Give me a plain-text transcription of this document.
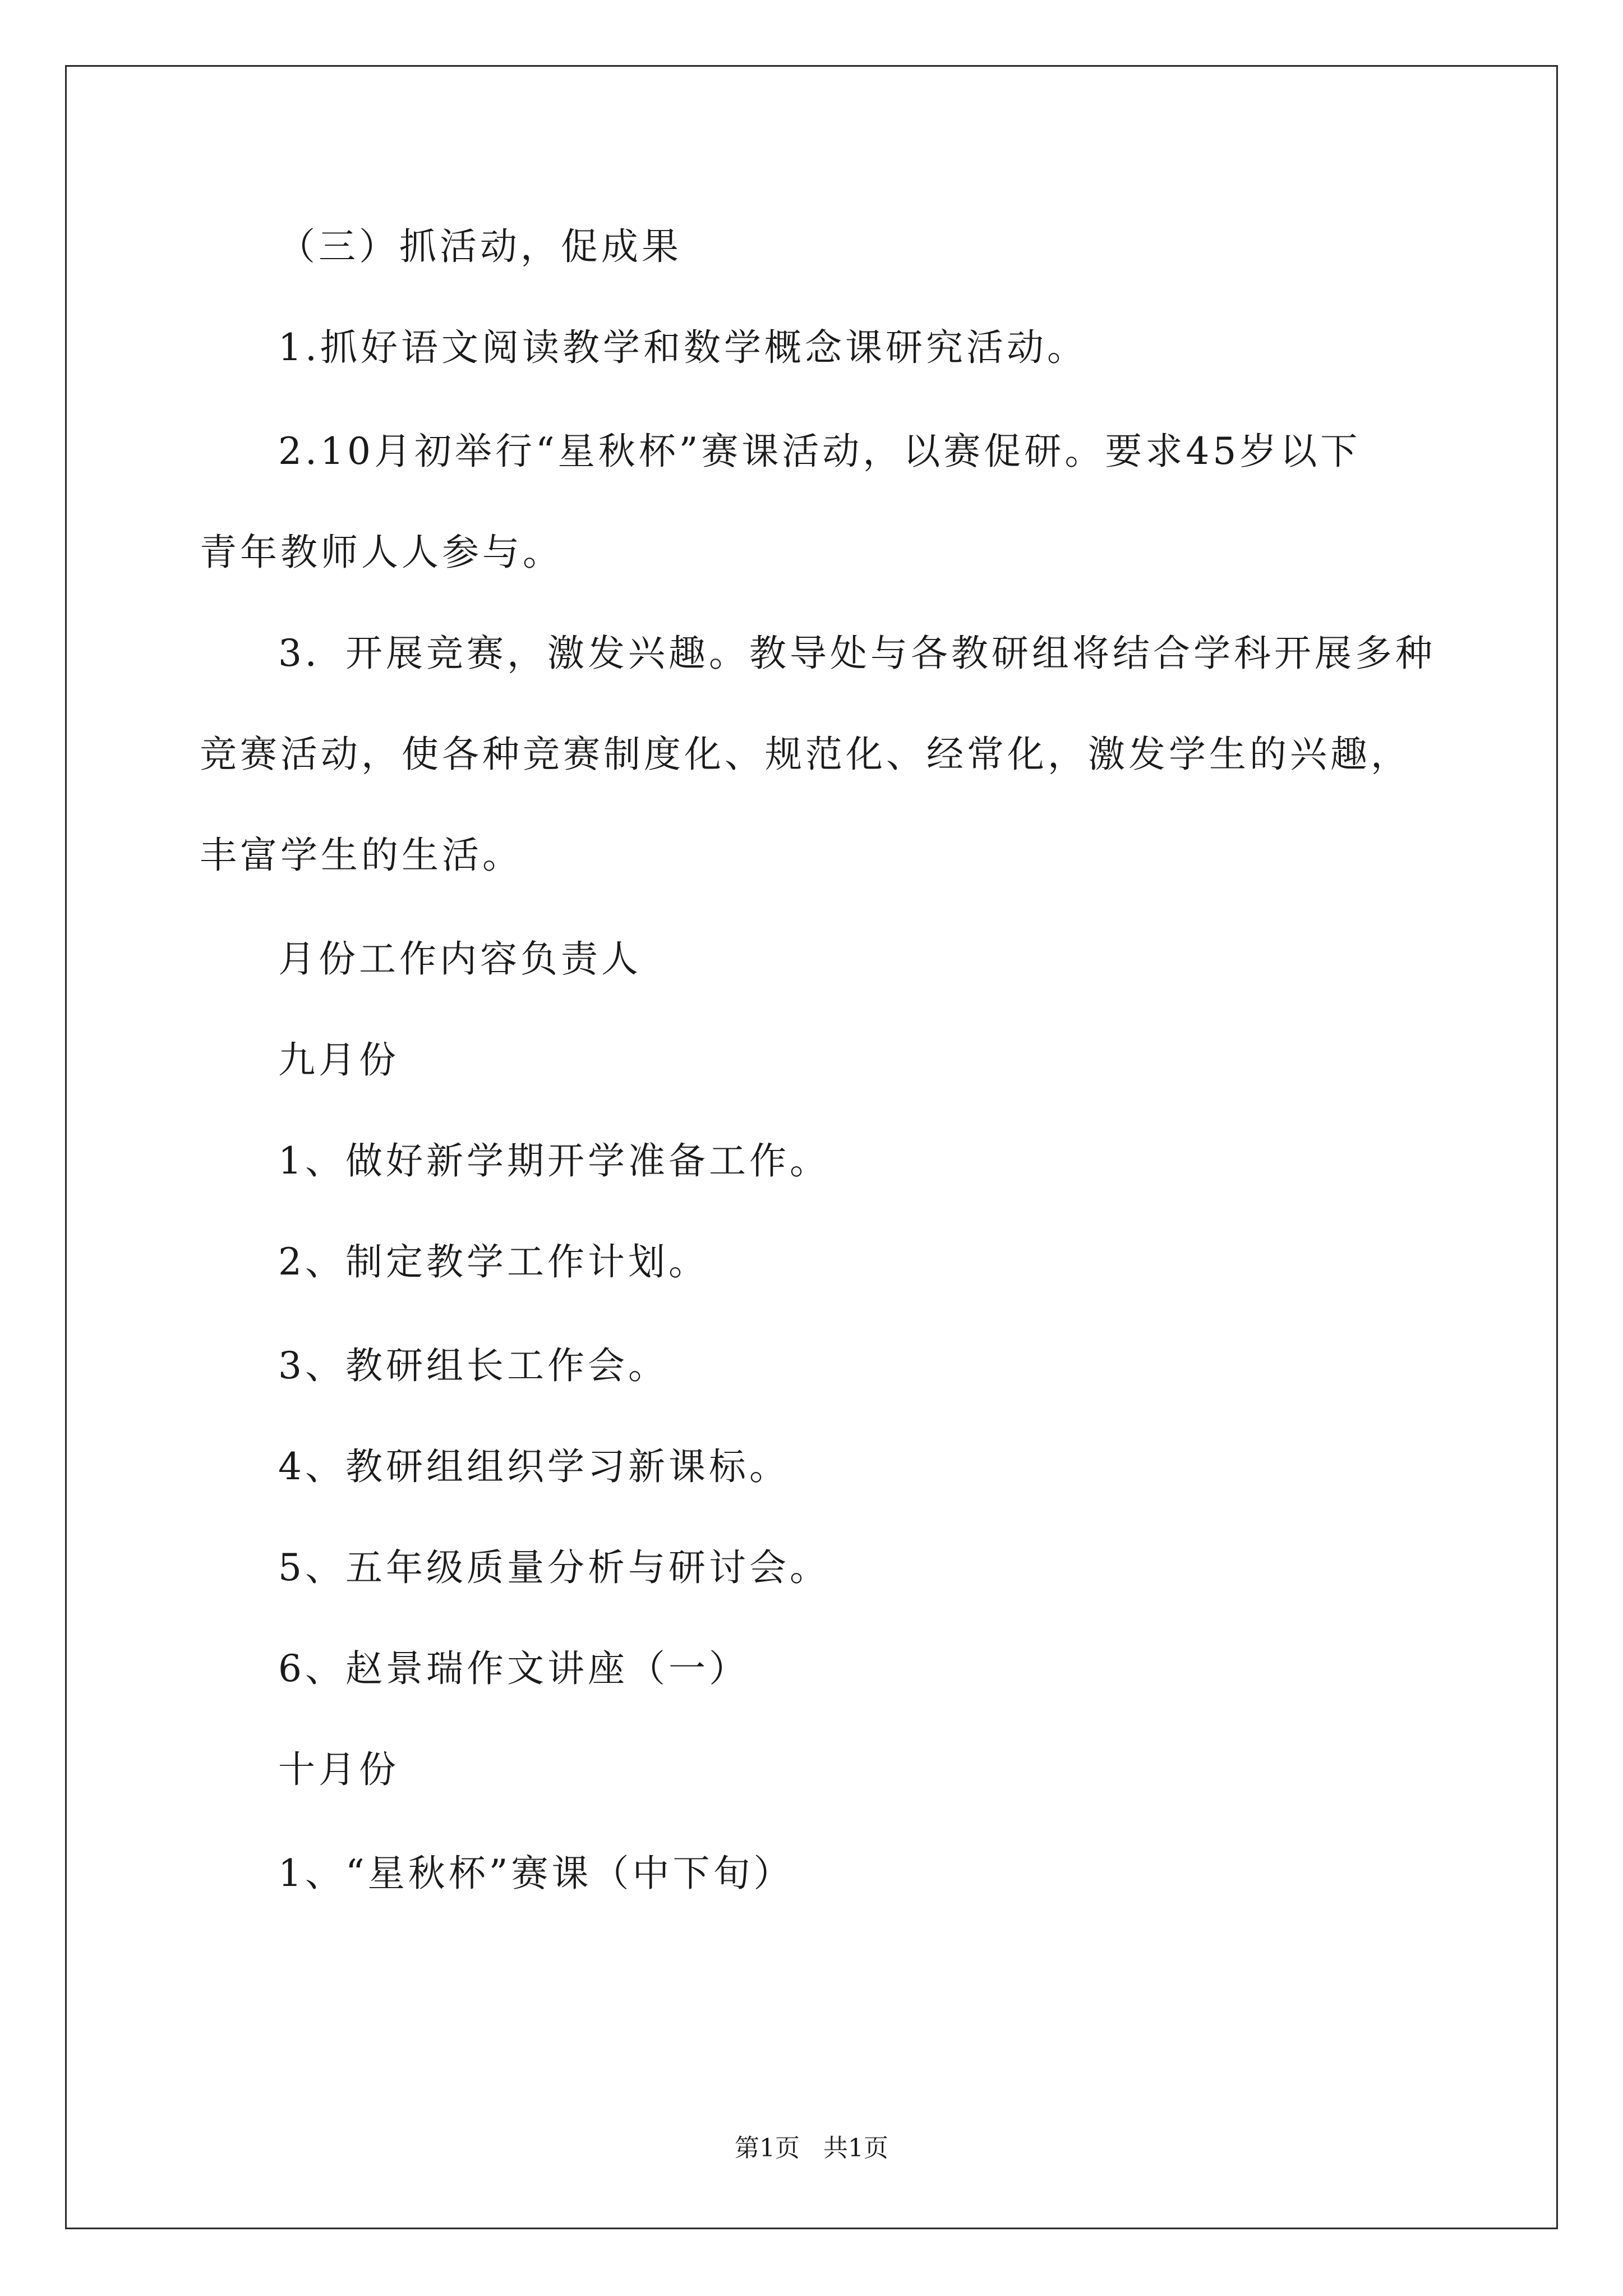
（三）抓活动，促成果
1.抓好语文阅读教学和数学概念课研究活动。
2.10月初举行“星秋杯”赛课活动，以赛促研。要求45岁以下
青年教师人人参与。
3．开展竞赛，激发兴趣。教导处与各教研组将结合学科开展多种
竞赛活动，使各种竞赛制度化、规范化、经常化，激发学生的兴趣，
丰富学生的生活。
月份工作内容负责人
九月份
1、做好新学期开学准备工作。
2、制定教学工作计划。
3、教研组长工作会。
4、教研组组织学习新课标。
5、五年级质量分析与研讨会。
6、赵景瑞作文讲座（一）
十月份
1、“星秋杯”赛课（中下旬）
第1页   共1页
